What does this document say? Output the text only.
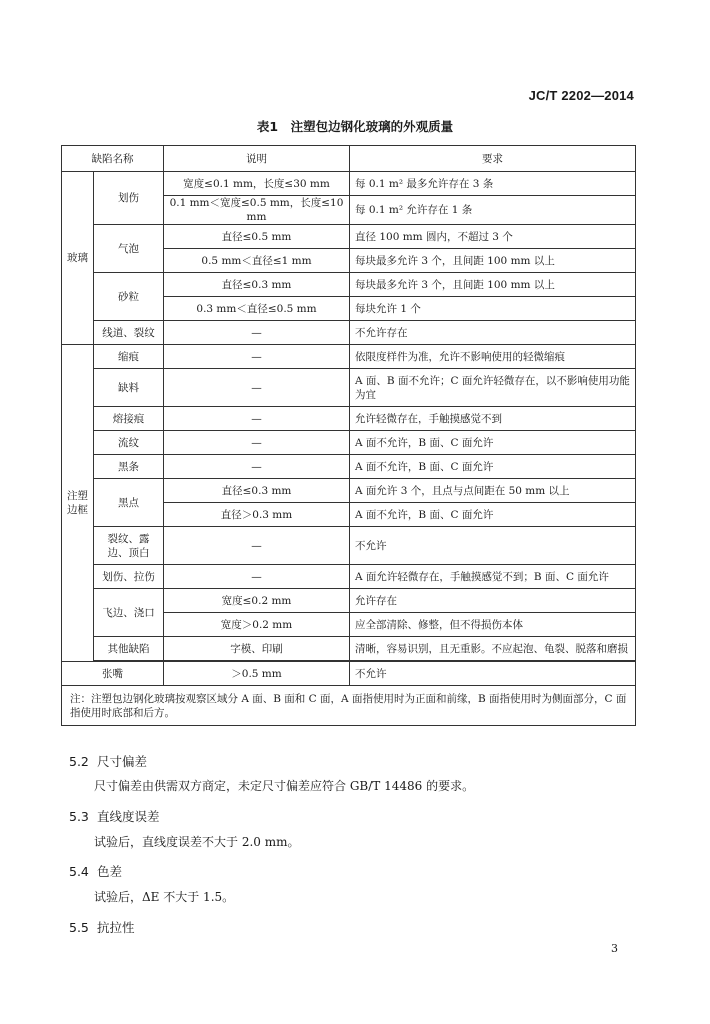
JC/T 2202—2014
表1　注塑包边钢化玻璃的外观质量
缺陷名称		说明	要求
玻璃	划伤	宽度≤0.1 mm，长度≤30 mm	每 0.1 m² 最多允许存在 3 条
		0.1 mm＜宽度≤0.5 mm，长度≤10 mm	每 0.1 m² 允许存在 1 条
	气泡	直径≤0.5 mm	直径 100 mm 圆内，不超过 3 个
		0.5 mm＜直径≤1 mm	每块最多允许 3 个，且间距 100 mm 以上
	砂粒	直径≤0.3 mm	每块最多允许 3 个，且间距 100 mm 以上
		0.3 mm＜直径≤0.5 mm	每块允许 1 个
	线道、裂纹	—	不允许存在
注塑边框	缩痕	—	依限度样件为准，允许不影响使用的轻微缩痕
	缺料	—	A 面、B 面不允许；C 面允许轻微存在，以不影响使用功能为宜
	熔接痕	—	允许轻微存在，手触摸感觉不到
	流纹	—	A 面不允许，B 面、C 面允许
	黑条	—	A 面不允许，B 面、C 面允许
	黑点	直径≤0.3 mm	A 面允许 3 个，且点与点间距在 50 mm 以上
		直径＞0.3 mm	A 面不允许，B 面、C 面允许
	裂纹、露边、顶白	—	不允许
	划伤、拉伤	—	A 面允许轻微存在，手触摸感觉不到；B 面、C 面允许
	飞边、浇口	宽度≤0.2 mm	允许存在
		宽度＞0.2 mm	应全部清除、修整，但不得损伤本体
	其他缺陷	字模、印刷	清晰，容易识别，且无重影。不应起泡、龟裂、脱落和磨损

张嘴		＞0.5 mm	不允许
注：注塑包边钢化玻璃按观察区域分 A 面、B 面和 C 面，A 面指使用时为正面和前缘，B 面指使用时为侧面部分，C 面指使用时底部和后方。			
5.2 尺寸偏差
尺寸偏差由供需双方商定，未定尺寸偏差应符合 GB/T 14486 的要求。
5.3 直线度误差
试验后，直线度误差不大于 2.0 mm。
5.4 色差
试验后，ΔE 不大于 1.5。
5.5 抗拉性
3
